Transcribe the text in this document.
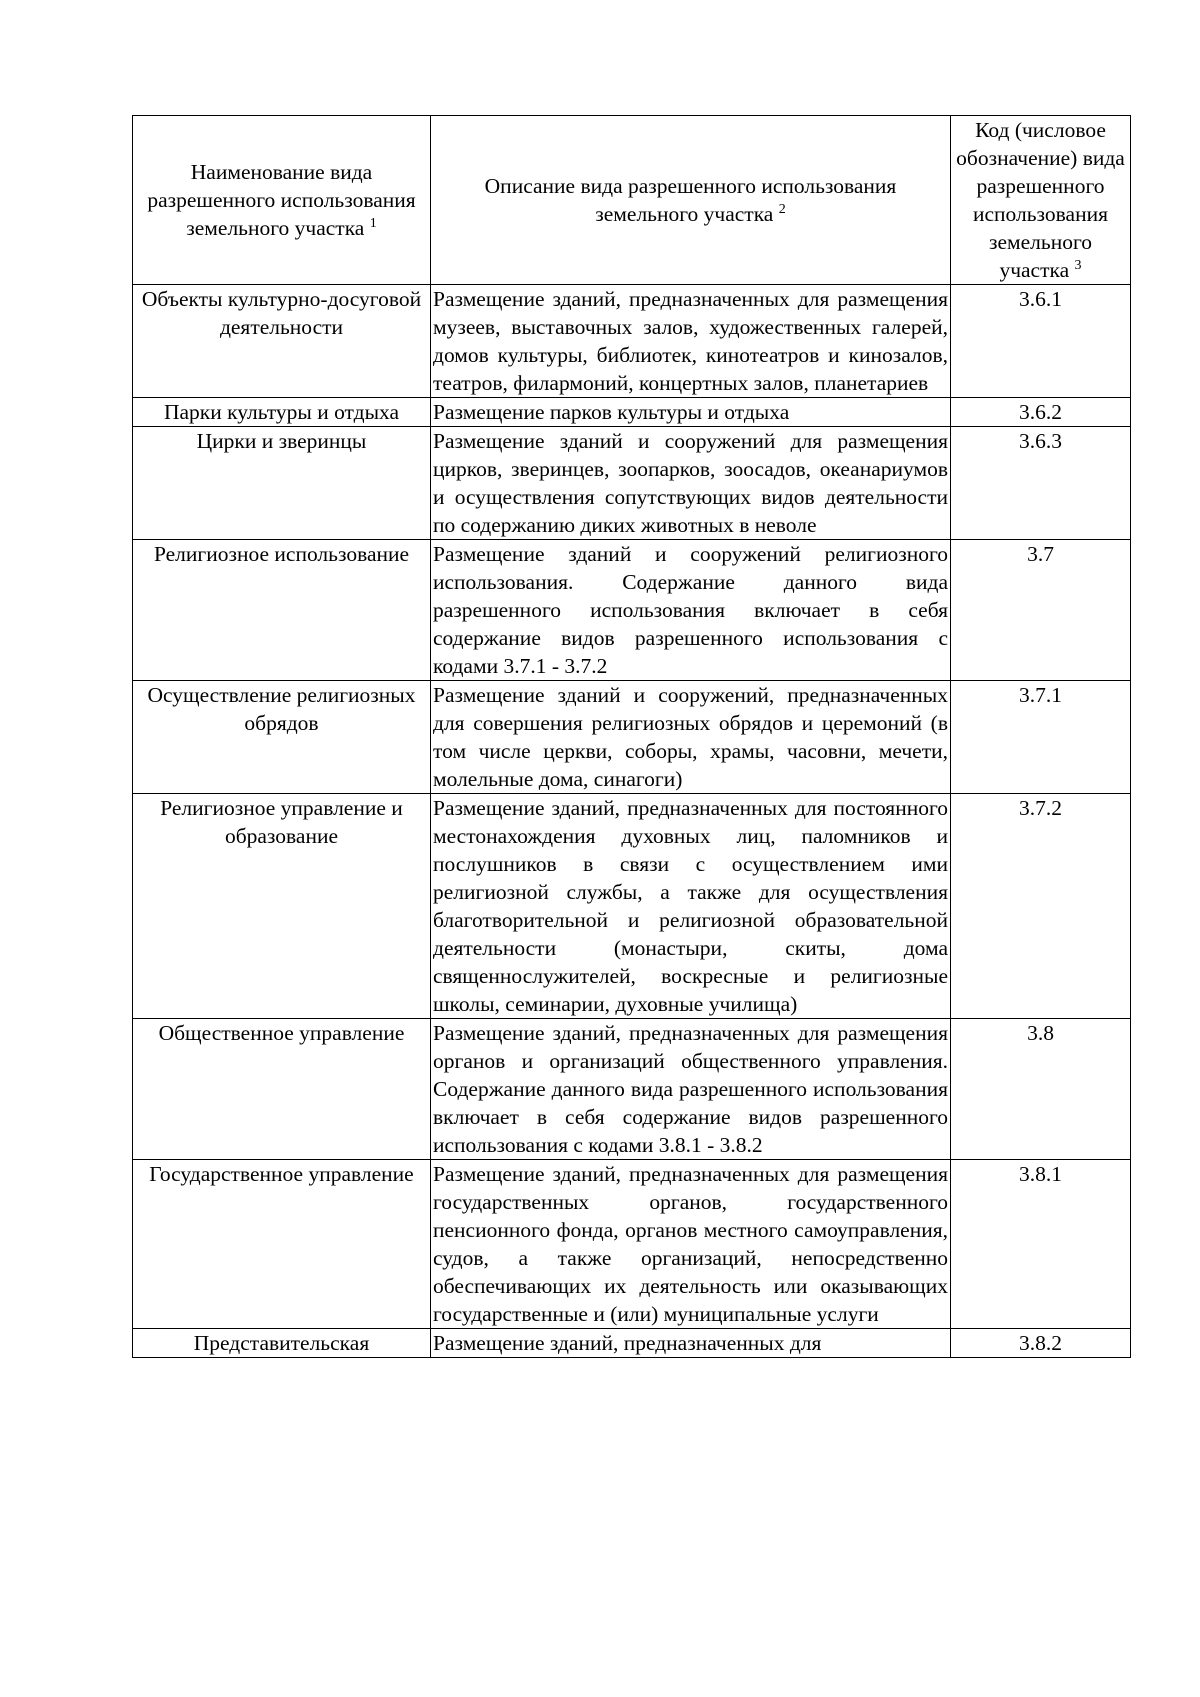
Наименование вида разрешенного использования земельного участка $^1$	Описание вида разрешенного использования земельного участка $^2$	Код (числовое обозначение) вида разрешенного использования земельного участка $^3$
Объекты культурно-досуговой деятельности	Размещение зданий, предназначенных для размещения музеев, выставочных залов, художественных галерей, домов культуры, библиотек, кинотеатров и кинозалов, театров, филармоний, концертных залов, планетариев	3.6.1
Парки культуры и отдыха	Размещение парков культуры и отдыха	3.6.2
Цирки и зверинцы	Размещение зданий и сооружений для размещения цирков, зверинцев, зоопарков, зоосадов, океанариумов и осуществления сопутствующих видов деятельности по содержанию диких животных в неволе	3.6.3
Религиозное использование	Размещение зданий и сооружений религиозного использования. Содержание данного вида разрешенного использования включает в себя содержание видов разрешенного использования с кодами 3.7.1 - 3.7.2	3.7
Осуществление религиозных обрядов	Размещение зданий и сооружений, предназначенных для совершения религиозных обрядов и церемоний (в том числе церкви, соборы, храмы, часовни, мечети, молельные дома, синагоги)	3.7.1
Религиозное управление и образование	Размещение зданий, предназначенных для постоянного местонахождения духовных лиц, паломников и послушников в связи с осуществлением ими религиозной службы, а также для осуществления благотворительной и религиозной образовательной деятельности (монастыри, скиты, дома священнослужителей, воскресные и религиозные школы, семинарии, духовные училища)	3.7.2
Общественное управление	Размещение зданий, предназначенных для размещения органов и организаций общественного управления. Содержание данного вида разрешенного использования включает в себя содержание видов разрешенного использования с кодами 3.8.1 - 3.8.2	3.8
Государственное управление	Размещение зданий, предназначенных для размещения государственных органов, государственного пенсионного фонда, органов местного самоуправления, судов, а также организаций, непосредственно обеспечивающих их деятельность или оказывающих государственные и (или) муниципальные услуги	3.8.1
Представительская	Размещение зданий, предназначенных для	3.8.2
